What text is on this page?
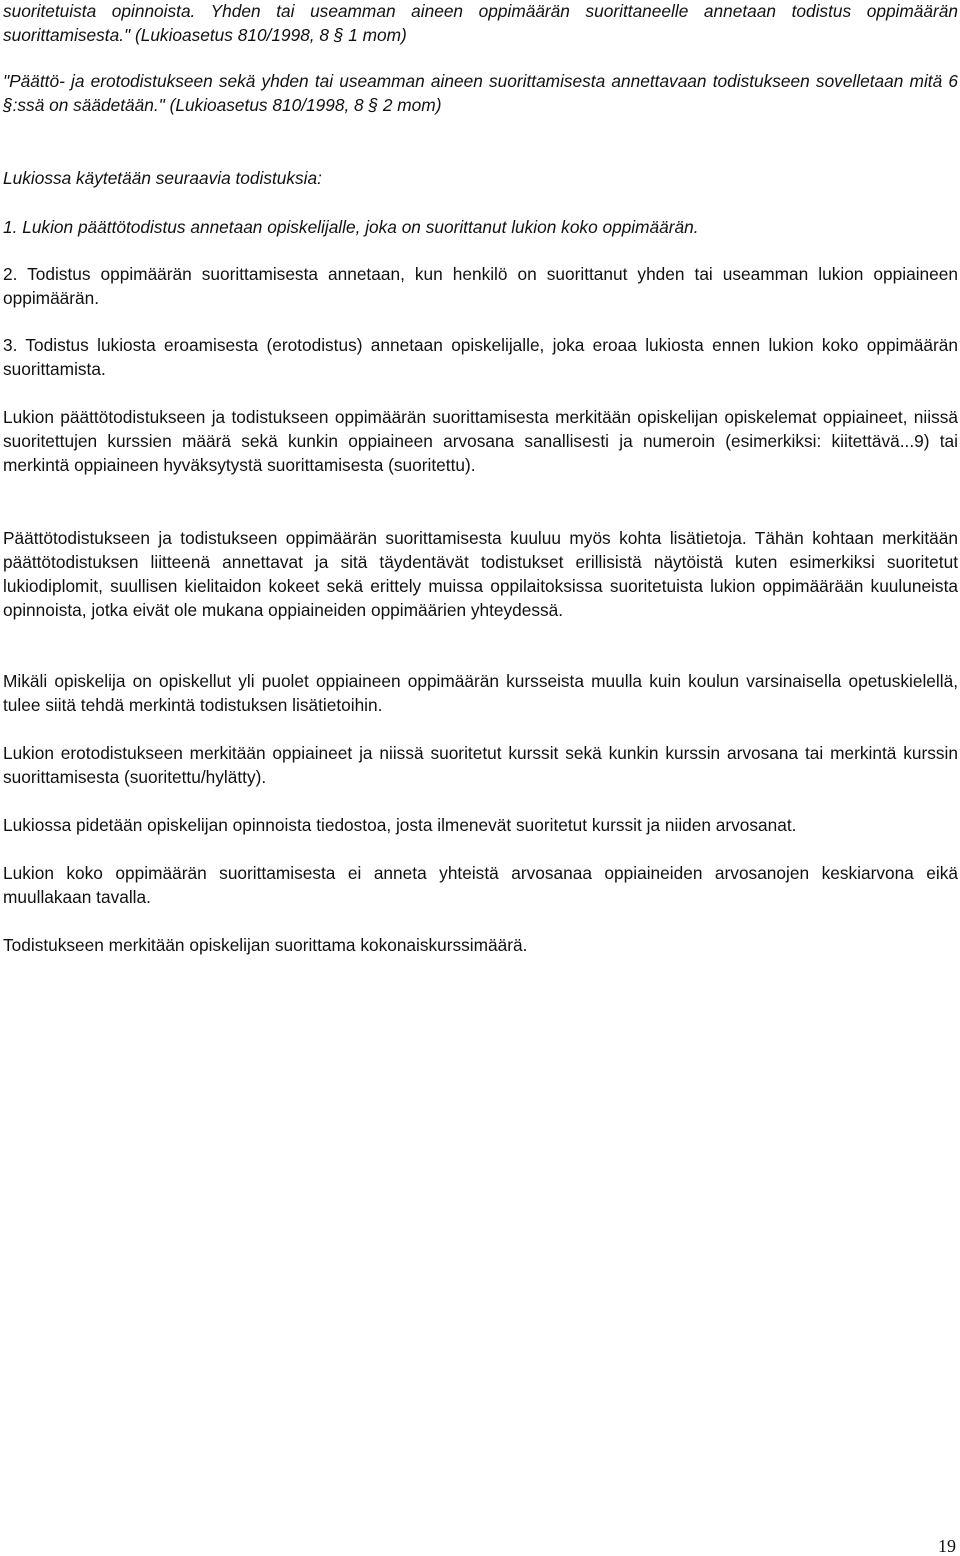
suoritetuista opinnoista. Yhden tai useamman aineen oppimäärän suorittaneelle annetaan todistus oppimäärän suorittamisesta." (Lukioasetus 810/1998, 8 § 1 mom)

"Päättö- ja erotodistukseen sekä yhden tai useamman aineen suorittamisesta annettavaan todistukseen sovelletaan mitä 6 §:ssä on säädetään." (Lukioasetus 810/1998, 8 § 2 mom)

Lukiossa käytetään seuraavia todistuksia:

1. Lukion päättötodistus annetaan opiskelijalle, joka on suorittanut lukion koko oppimäärän.

2. Todistus oppimäärän suorittamisesta annetaan, kun henkilö on suorittanut yhden tai useamman lukion oppiaineen oppimäärän.

3. Todistus lukiosta eroamisesta (erotodistus) annetaan opiskelijalle, joka eroaa lukiosta ennen lukion koko oppimäärän suorittamista.

Lukion päättötodistukseen ja todistukseen oppimäärän suorittamisesta merkitään opiskelijan opiskelemat oppiaineet, niissä suoritettujen kurssien määrä sekä kunkin oppiaineen arvosana sanallisesti ja numeroin (esimerkiksi: kiitettävä...9) tai merkintä oppiaineen hyväksytystä suorittamisesta (suoritettu).

Päättötodistukseen ja todistukseen oppimäärän suorittamisesta kuuluu myös kohta lisätietoja. Tähän kohtaan merkitään päättötodistuksen liitteenä annettavat ja sitä täydentävät todistukset erillisistä näytöistä kuten esimerkiksi suoritetut lukiodiplomit, suullisen kielitaidon kokeet sekä erittely muissa oppilaitoksissa suoritetuista lukion oppimäärään kuuluneista opinnoista, jotka eivät ole mukana oppiaineiden oppimäärien yhteydessä.

Mikäli opiskelija on opiskellut yli puolet oppiaineen oppimäärän kursseista muulla kuin koulun varsinaisella opetuskielellä, tulee siitä tehdä merkintä todistuksen lisätietoihin.

Lukion erotodistukseen merkitään oppiaineet ja niissä suoritetut kurssit sekä kunkin kurssin arvosana tai merkintä kurssin suorittamisesta (suoritettu/hylätty).

Lukiossa pidetään opiskelijan opinnoista tiedostoa, josta ilmenevät suoritetut kurssit ja niiden arvosanat.

Lukion koko oppimäärän suorittamisesta ei anneta yhteistä arvosanaa oppiaineiden arvosanojen keskiarvona eikä muullakaan tavalla.

Todistukseen merkitään opiskelijan suorittama kokonaiskurssimäärä.

19
